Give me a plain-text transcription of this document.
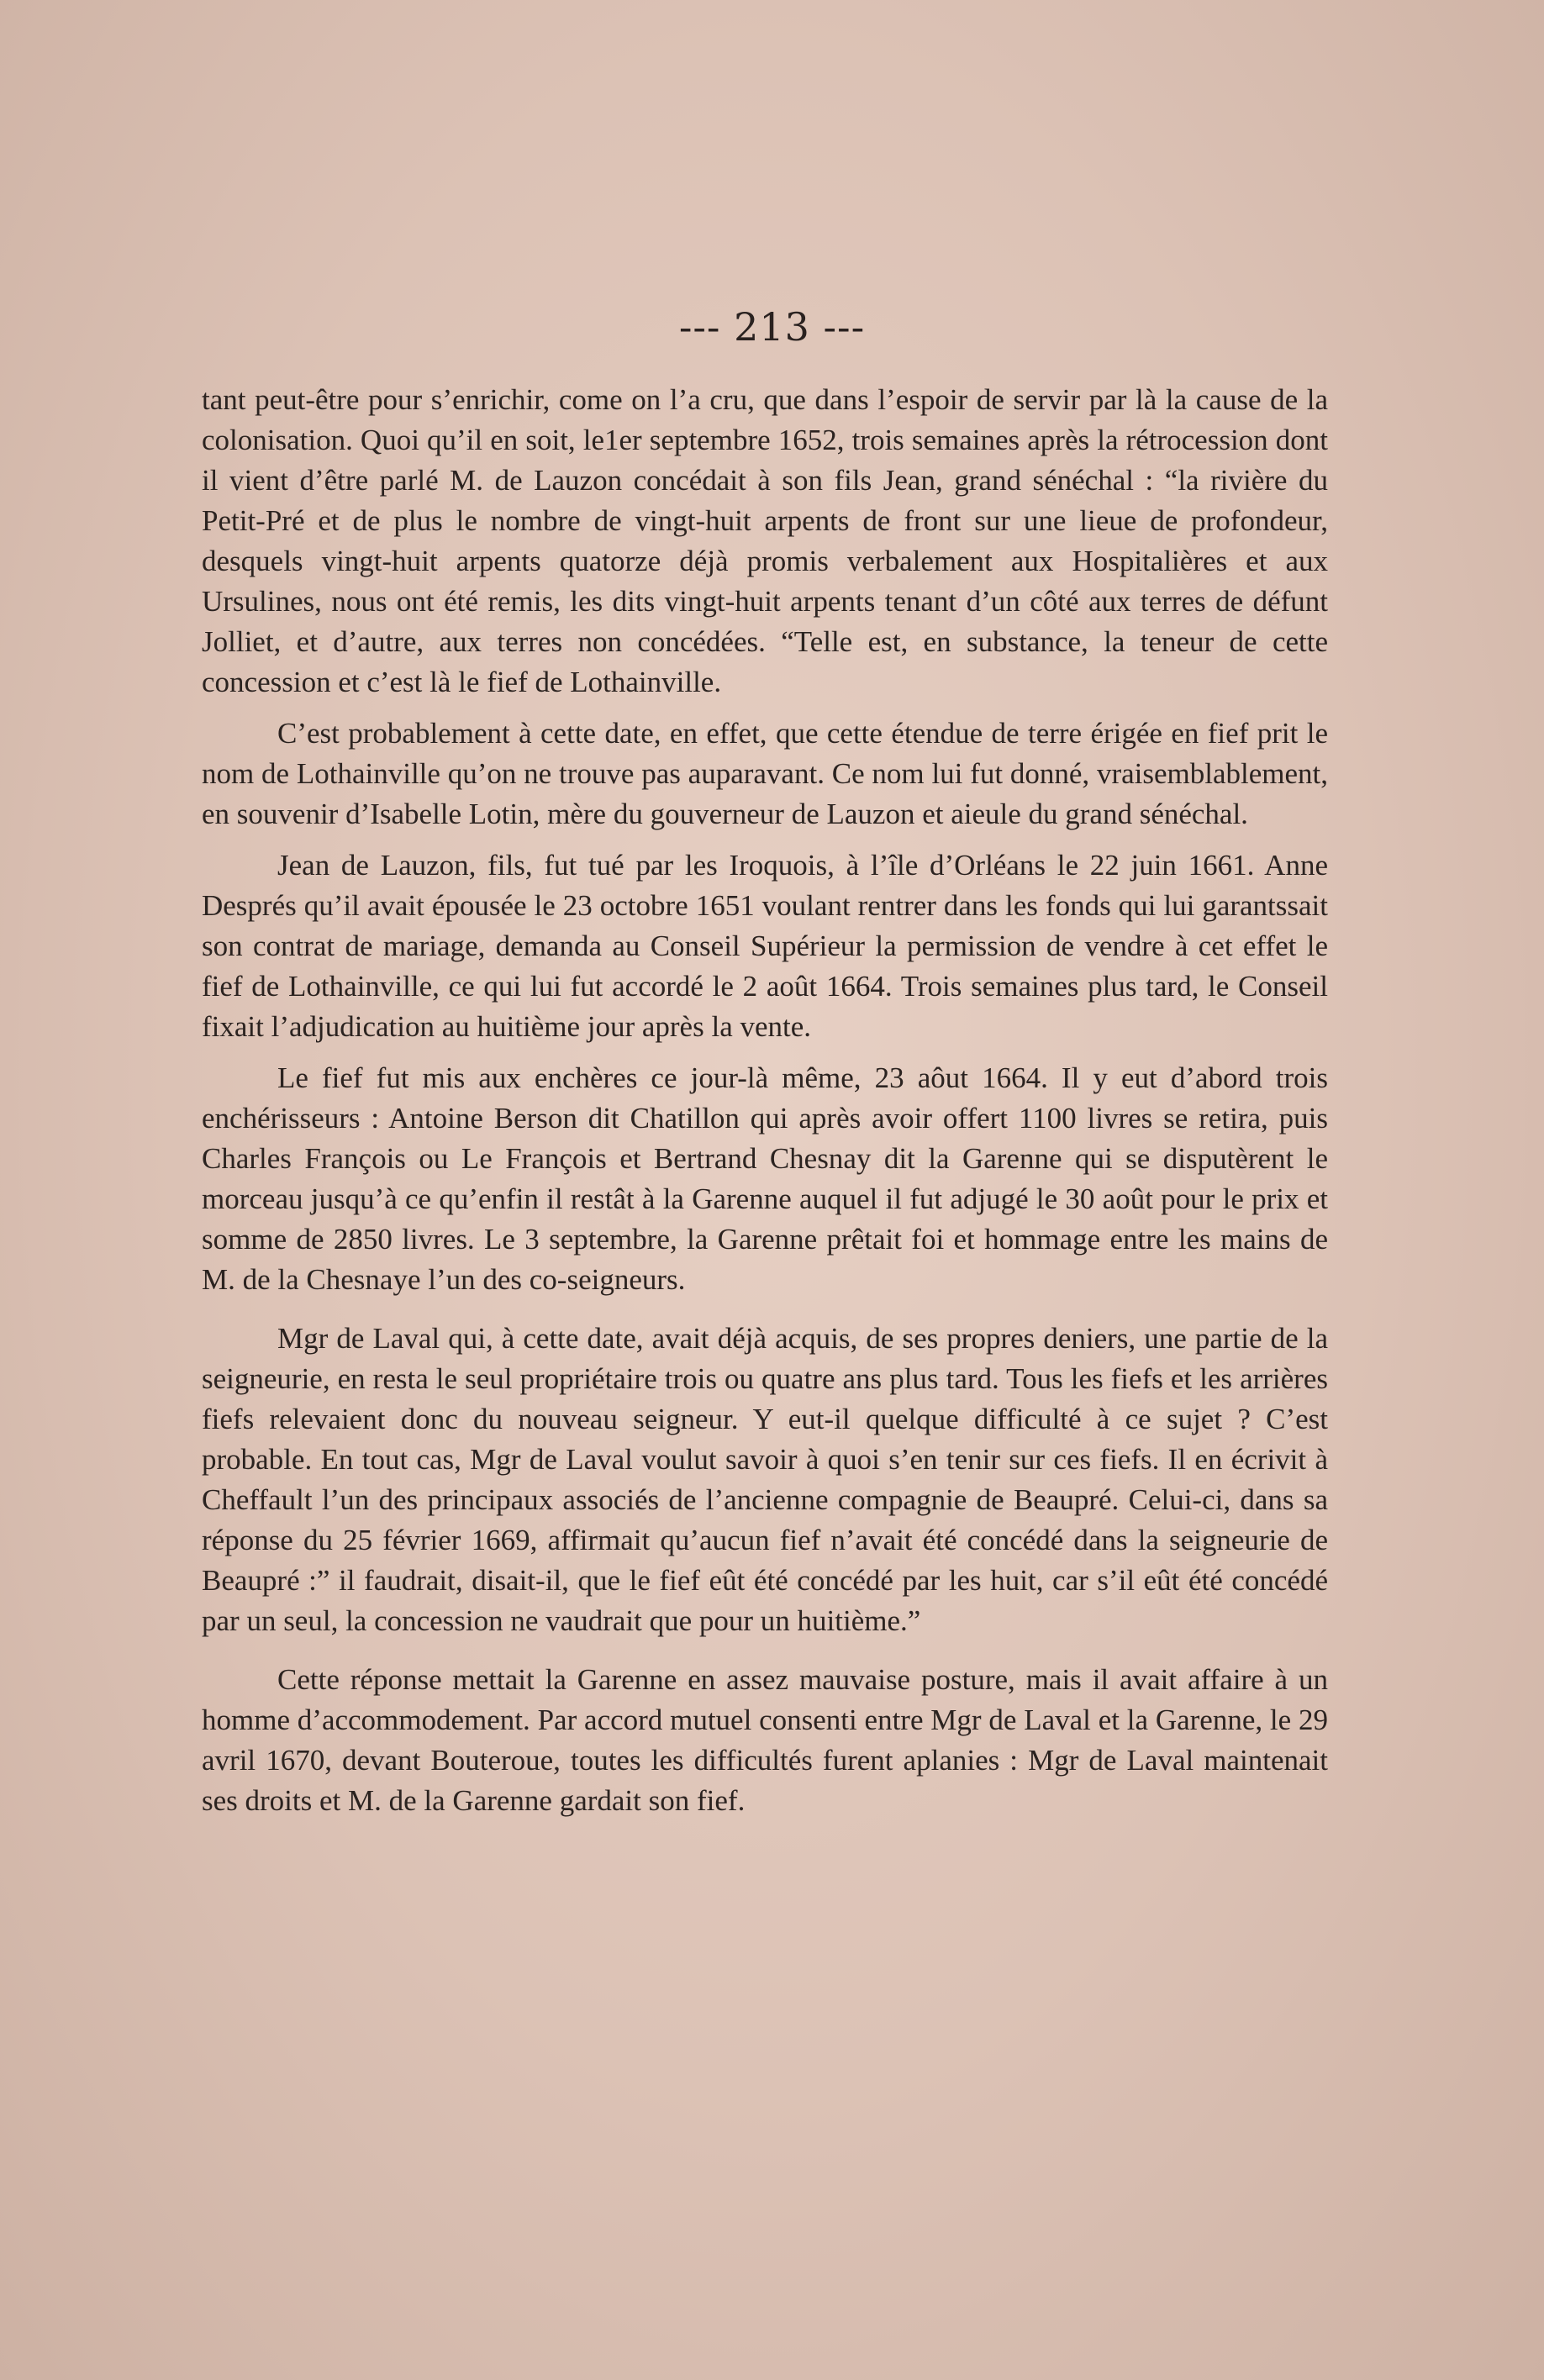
--- 213 ---

tant peut-être pour s’enrichir, come on l’a cru, que dans l’espoir de servir par là la cause de la colonisation. Quoi qu’il en soit, le1er septembre 1652, trois semaines après la rétrocession dont il vient d’être parlé M. de Lauzon concédait à son fils Jean, grand sénéchal : “la rivière du Petit-Pré et de plus le nombre de vingt-huit arpents de front sur une lieue de profondeur, desquels vingt-huit arpents quatorze déjà promis verbalement aux Hospitalières et aux Ursulines, nous ont été remis, les dits vingt-huit arpents tenant d’un côté aux terres de défunt Jolliet, et d’autre, aux terres non concédées. “Telle est, en substance, la teneur de cette concession et c’est là le fief de Lothainville.

C’est probablement à cette date, en effet, que cette étendue de terre érigée en fief prit le nom de Lothainville qu’on ne trouve pas auparavant. Ce nom lui fut donné, vraisemblablement, en souvenir d’Isabelle Lotin, mère du gouverneur de Lauzon et aieule du grand sénéchal.

Jean de Lauzon, fils, fut tué par les Iroquois, à l’île d’Orléans le 22 juin 1661. Anne Després qu’il avait épousée le 23 octobre 1651 voulant rentrer dans les fonds qui lui garantssait son contrat de mariage, demanda au Conseil Supérieur la permission de vendre à cet effet le fief de Lothainville, ce qui lui fut accordé le 2 août 1664. Trois semaines plus tard, le Conseil fixait l’adjudication au huitième jour après la vente.

Le fief fut mis aux enchères ce jour-là même, 23 aôut 1664. Il y eut d’abord trois enchérisseurs : Antoine Berson dit Chatillon qui après avoir offert 1100 livres se retira, puis Charles François ou Le François et Bertrand Chesnay dit la Garenne qui se disputèrent le morceau jusqu’à ce qu’enfin il restât à la Garenne auquel il fut adjugé le 30 août pour le prix et somme de 2850 livres. Le 3 septembre, la Garenne prêtait foi et hommage entre les mains de M. de la Chesnaye l’un des co-seigneurs.

Mgr de Laval qui, à cette date, avait déjà acquis, de ses propres deniers, une partie de la seigneurie, en resta le seul propriétaire trois ou quatre ans plus tard. Tous les fiefs et les arrières fiefs relevaient donc du nouveau seigneur. Y eut-il quelque difficulté à ce sujet ? C’est probable. En tout cas, Mgr de Laval voulut savoir à quoi s’en tenir sur ces fiefs. Il en écrivit à Cheffault l’un des principaux associés de l’ancienne compagnie de Beaupré. Celui-ci, dans sa réponse du 25 février 1669, affirmait qu’aucun fief n’avait été concédé dans la seigneurie de Beaupré :” il faudrait, disait-il, que le fief eût été concédé par les huit, car s’il eût été concédé par un seul, la concession ne vaudrait que pour un huitième.”

Cette réponse mettait la Garenne en assez mauvaise posture, mais il avait affaire à un homme d’accommodement. Par accord mutuel consenti entre Mgr de Laval et la Garenne, le 29 avril 1670, devant Bouteroue, toutes les difficultés furent aplanies : Mgr de Laval maintenait ses droits et M. de la Garenne gardait son fief.
